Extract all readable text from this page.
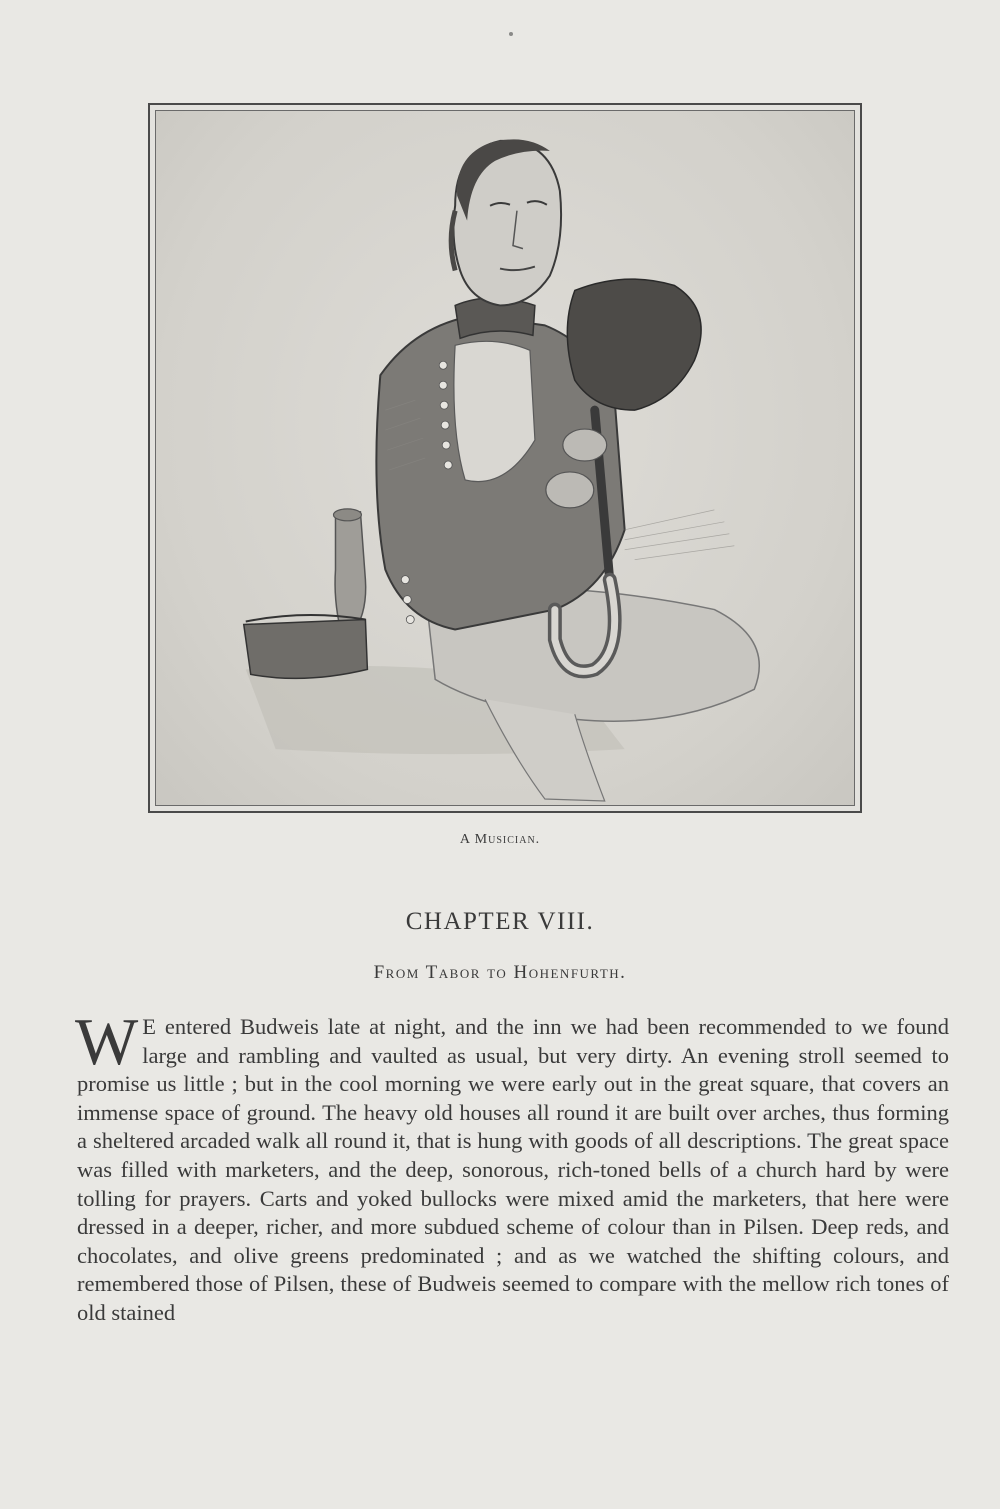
A Musician.
CHAPTER VIII.
From Tabor to Hohenfurth.
W E entered Budweis late at night, and the inn we had been recommended to we found large and rambling and vaulted as usual, but very dirty. An evening stroll seemed to promise us little ; but in the cool morning we were early out in the great square, that covers an immense space of ground. The heavy old houses all round it are built over arches, thus forming a sheltered arcaded walk all round it, that is hung with goods of all descriptions. The great space was filled with marketers, and the deep, sonorous, rich-toned bells of a church hard by were tolling for prayers. Carts and yoked bullocks were mixed amid the marketers, that here were dressed in a deeper, richer, and more subdued scheme of colour than in Pilsen. Deep reds, and chocolates, and olive greens predominated ; and as we watched the shifting colours, and remembered those of Pilsen, these of Budweis seemed to compare with the mellow rich tones of old stained
